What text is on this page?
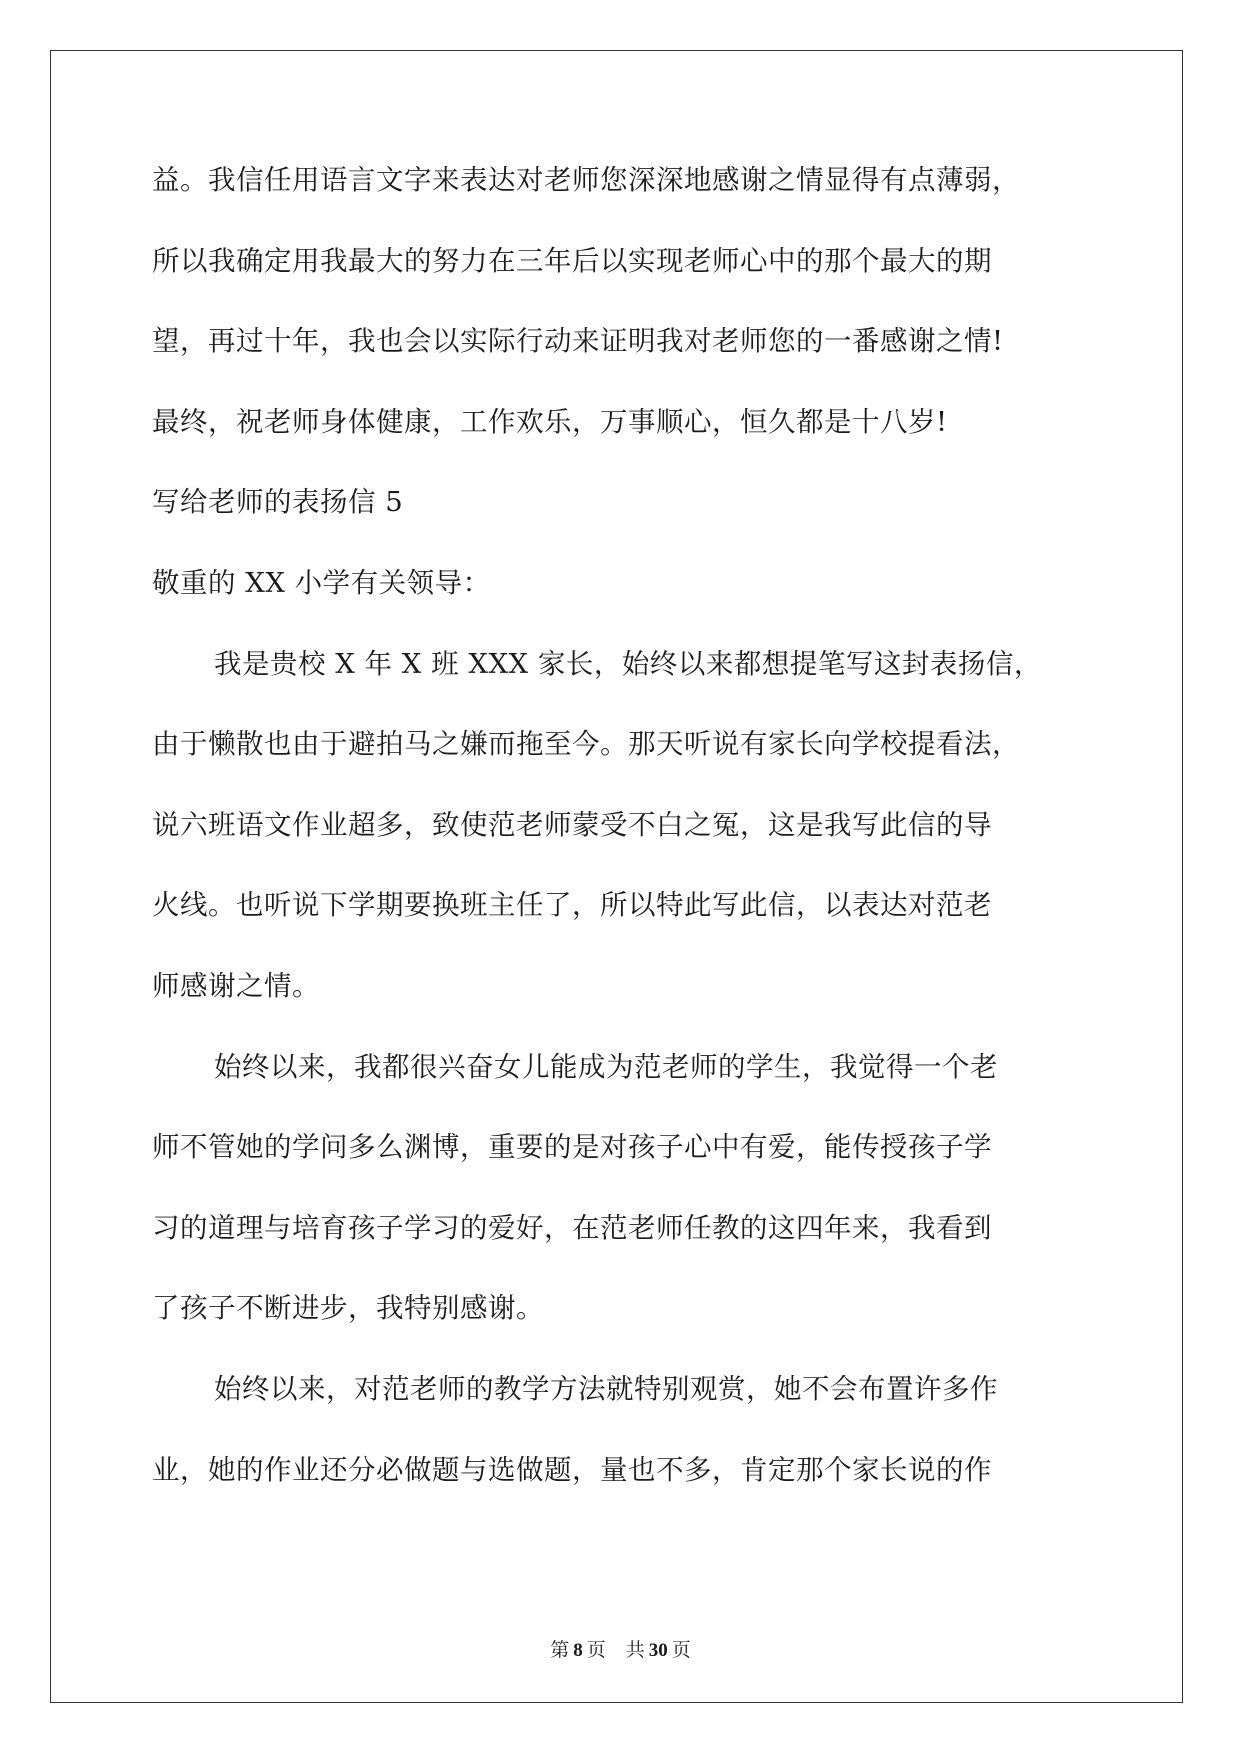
益。我信任用语言文字来表达对老师您深深地感谢之情显得有点薄弱，
所以我确定用我最大的努力在三年后以实现老师心中的那个最大的期
望，再过十年，我也会以实际行动来证明我对老师您的一番感谢之情!
最终，祝老师身体健康，工作欢乐，万事顺心，恒久都是十八岁!
写给老师的表扬信 5
敬重的 XX 小学有关领导：
我是贵校 X 年 X 班 XXX 家长，始终以来都想提笔写这封表扬信，
由于懒散也由于避拍马之嫌而拖至今。那天听说有家长向学校提看法，
说六班语文作业超多，致使范老师蒙受不白之冤，这是我写此信的导
火线。也听说下学期要换班主任了，所以特此写此信，以表达对范老
师感谢之情。
始终以来，我都很兴奋女儿能成为范老师的学生，我觉得一个老
师不管她的学问多么渊博，重要的是对孩子心中有爱，能传授孩子学
习的道理与培育孩子学习的爱好，在范老师任教的这四年来，我看到
了孩子不断进步，我特别感谢。
始终以来，对范老师的教学方法就特别观赏，她不会布置许多作
业，她的作业还分必做题与选做题，量也不多，肯定那个家长说的作
第 8 页 共 30 页
